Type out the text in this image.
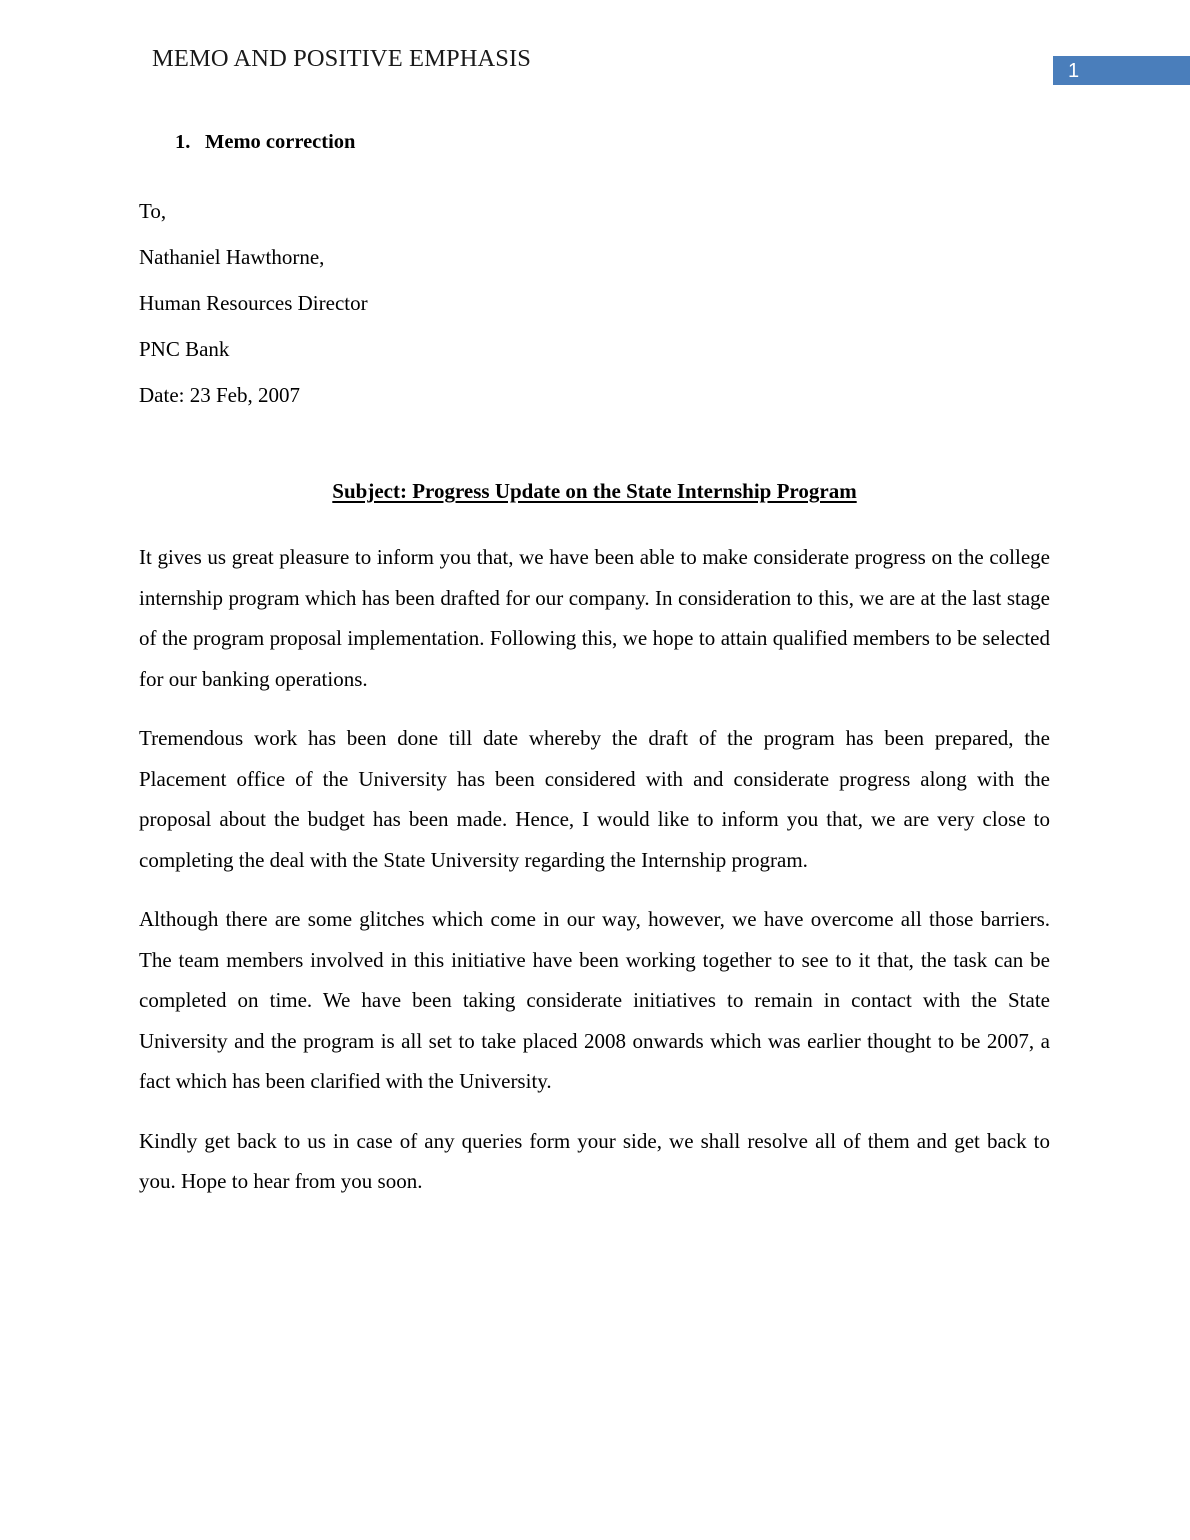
MEMO AND POSITIVE EMPHASIS	1
1. Memo correction
To,
Nathaniel Hawthorne,
Human Resources Director
PNC Bank
Date: 23 Feb, 2007
Subject: Progress Update on the State Internship Program

It gives us great pleasure to inform you that, we have been able to make considerate progress on the college internship program which has been drafted for our company. In consideration to this, we are at the last stage of the program proposal implementation. Following this, we hope to attain qualified members to be selected for our banking operations.

Tremendous work has been done till date whereby the draft of the program has been prepared, the Placement office of the University has been considered with and considerate progress along with the proposal about the budget has been made. Hence, I would like to inform you that, we are very close to completing the deal with the State University regarding the Internship program.

Although there are some glitches which come in our way, however, we have overcome all those barriers. The team members involved in this initiative have been working together to see to it that, the task can be completed on time. We have been taking considerate initiatives to remain in contact with the State University and the program is all set to take placed 2008 onwards which was earlier thought to be 2007, a fact which has been clarified with the University.

Kindly get back to us in case of any queries form your side, we shall resolve all of them and get back to you. Hope to hear from you soon.
